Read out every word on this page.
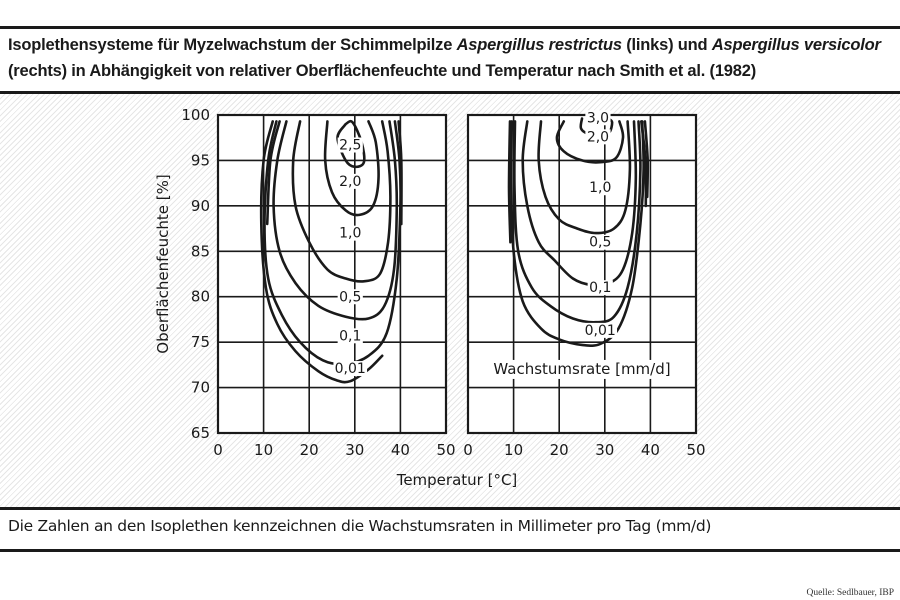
Isoplethensysteme für Myzelwachstum der Schimmelpilze Aspergillus restrictus (links) und Aspergillus versicolor (rechts) in Abhängigkeit von relativer Oberflächenfeuchte und Temperatur nach Smith et al. (1982)
0 10 20 30 40 50
65
70
75
80
85
90
95
100
Oberflächenfeuchte [%]
0,01
0,1
0,5
1,0
2,0
2,5
0 10 20 30 40 50
0,01
0,1
0,5
1,0
2,0
3,0
Wachstumsrate [mm/d]
Temperatur [°C]
Die Zahlen an den Isoplethen kennzeichnen die Wachstumsraten in Millimeter pro Tag (mm/d)
Quelle: Sedlbauer, IBP
